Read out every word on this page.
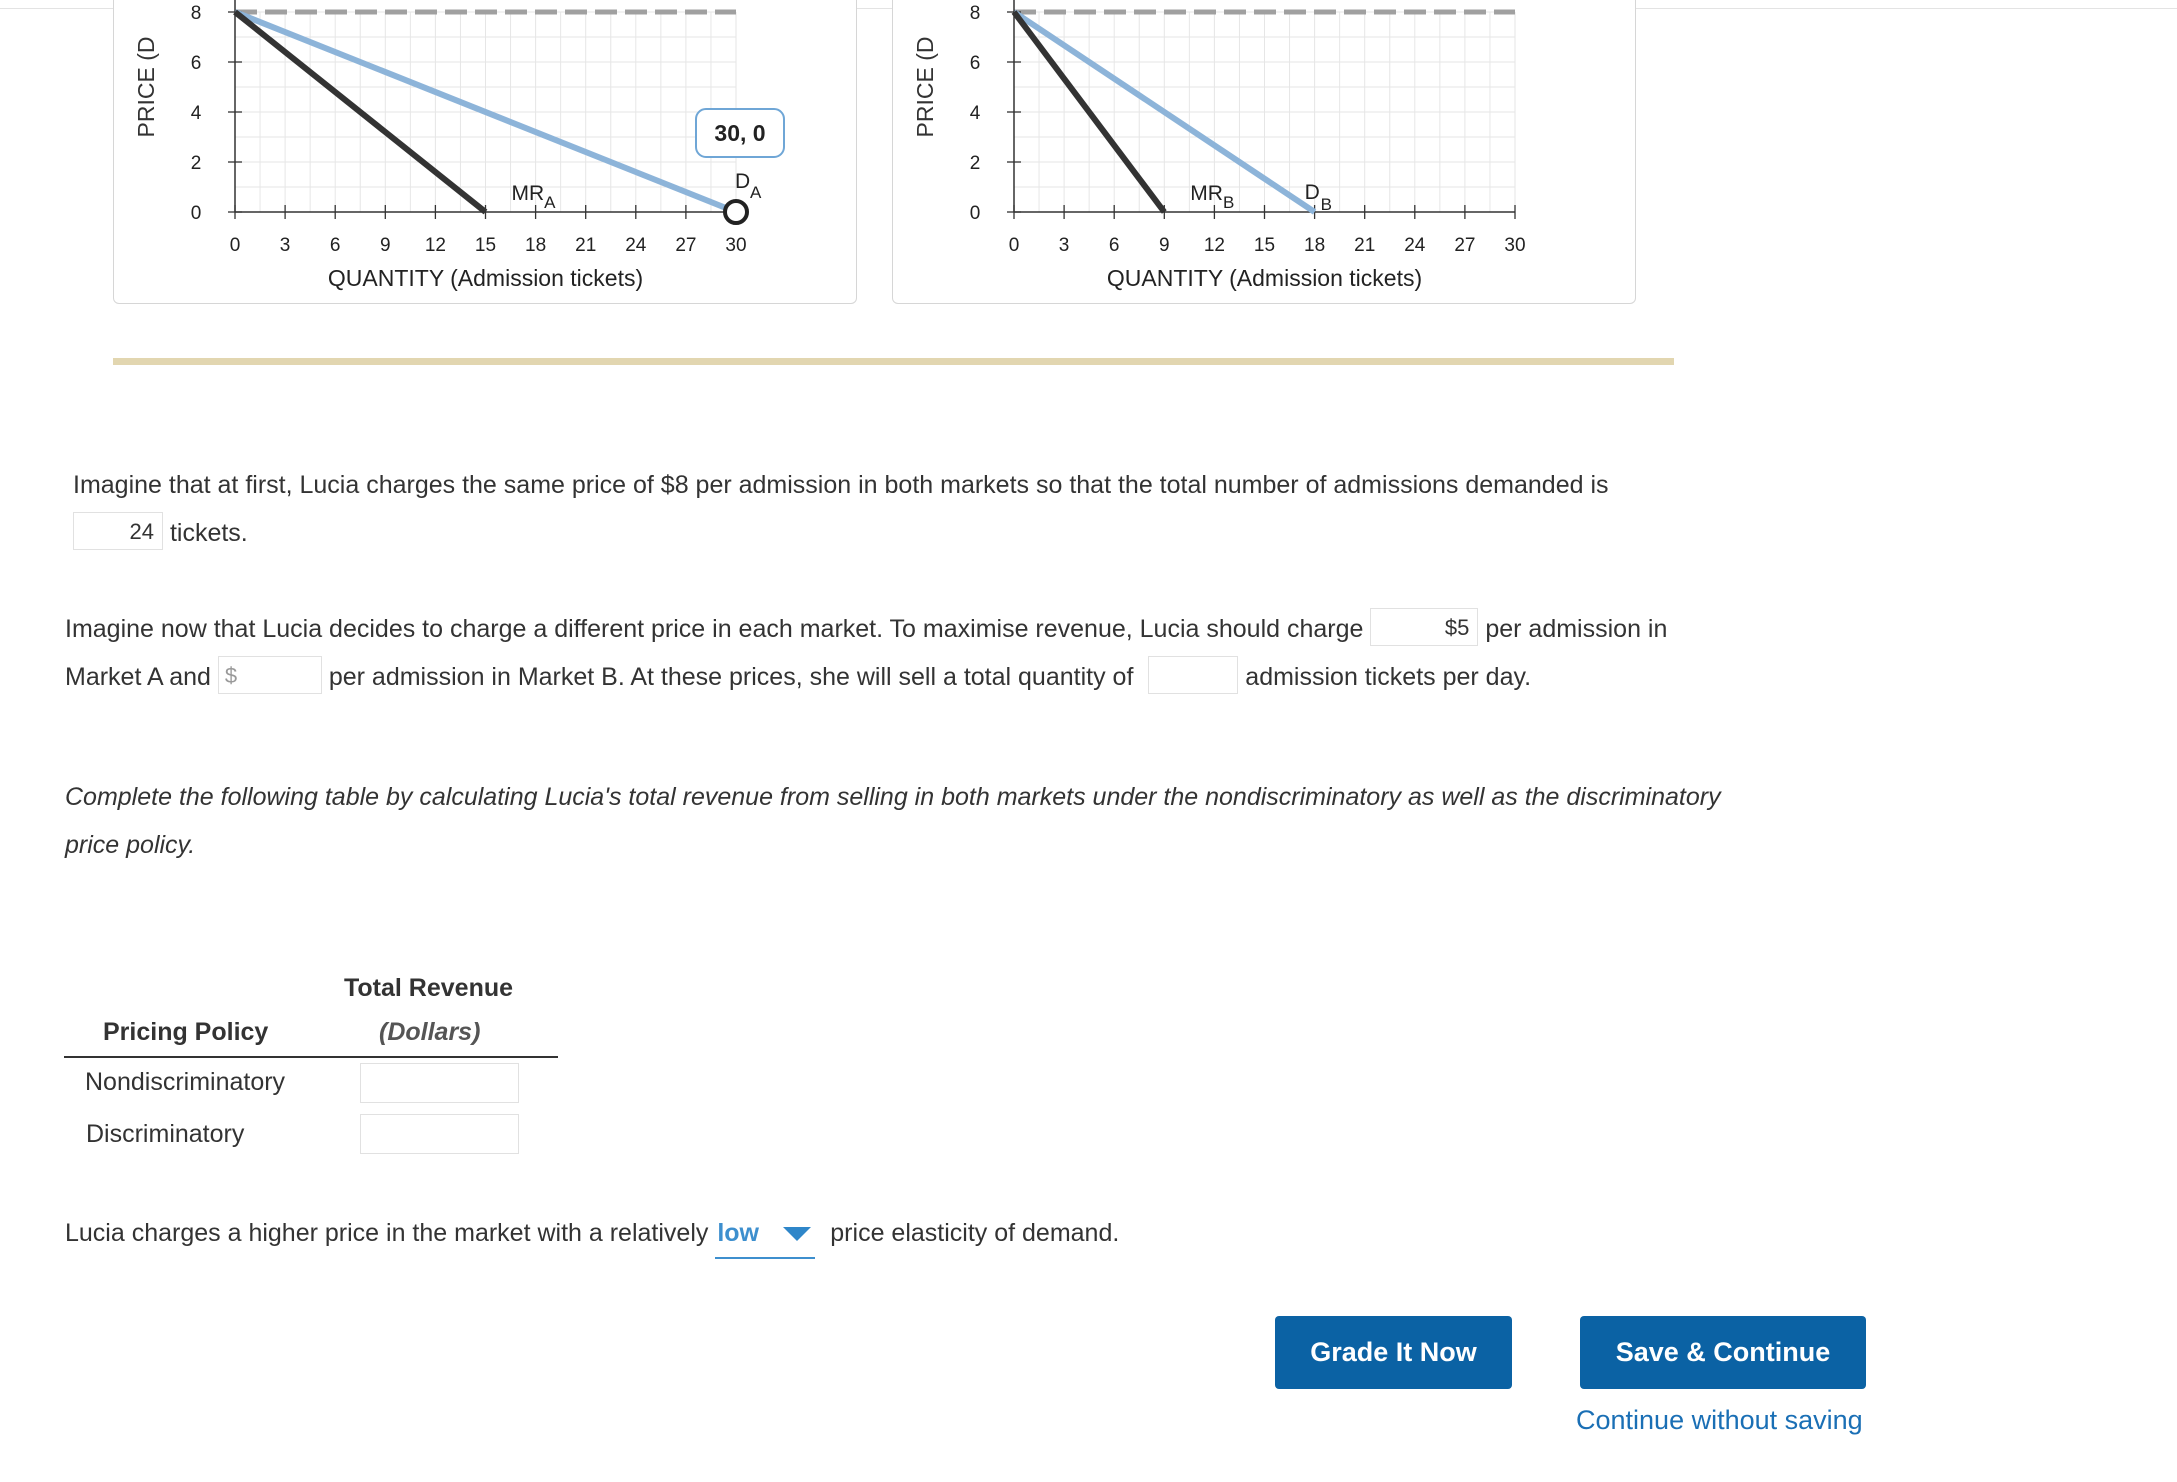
0 3 6 9 12 15 18 21 24 27 30
0
2
4
6
8
PRICE (D
QUANTITY (Admission tickets)
$MR_A$
D A
30, 0
0 3 6 9 12 15 18 21 24 27 30
0
2
4
6
8
PRICE (D
QUANTITY (Admission tickets)
$MR_B$	D
B
Imagine that at first, Lucia charges the same price of $8 per admission in both markets so that the total number of admissions demanded is
24 tickets.
Imagine now that Lucia decides to charge a different price in each market. To maximise revenue, Lucia should charge	$5 per admission in
Market A and $	per admission in Market B. At these prices, she will sell a total quantity of	admission tickets per day.
Complete the following table by calculating Lucia's total revenue from selling in both markets under the nondiscriminatory as well as the discriminatory
price policy.
Total Revenue
Pricing Policy	(Dollars)
Nondiscriminatory
Discriminatory
Lucia charges a higher price in the market with a relatively low	price elasticity of demand.
Grade It Now	Save & Continue
Continue without saving
